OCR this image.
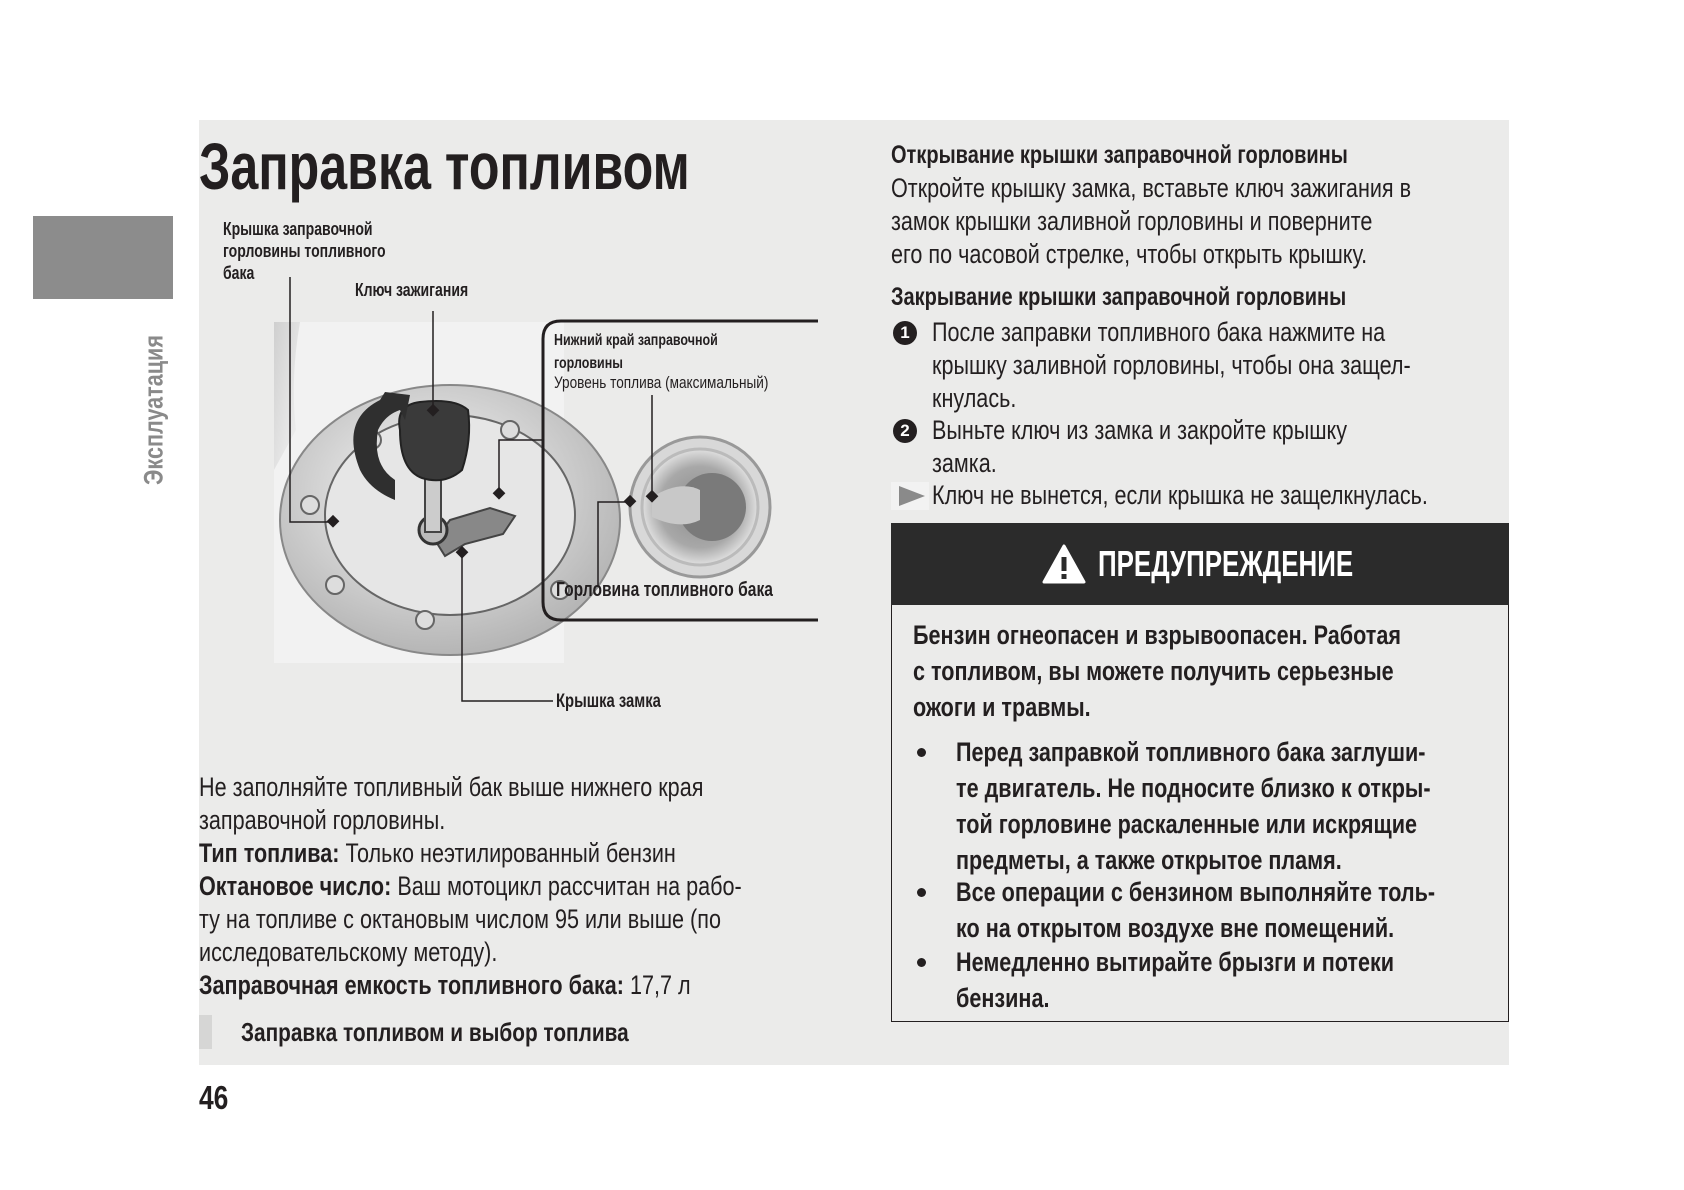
Эксплуатация
Заправка топливом
Крышка заправочной
горловины топливного
бака
Ключ зажигания
Нижний край заправочной
горловины
Уровень топлива (максимальный)
Горловина топливного бака
Крышка замка
Не заполняйте топливный бак выше нижнего края
заправочной горловины.
Тип топлива: Только неэтилированный бензин
Октановое число: Ваш мотоцикл рассчитан на рабо-
ту на топливе с октановым числом 95 или выше (по
исследовательскому методу).
Заправочная емкость топливного бака: 17,7 л
Заправка топливом и выбор топлива
46
Открывание крышки заправочной горловины
Откройте крышку замка, вставьте ключ зажигания в
замок крышки заливной горловины и поверните
его по часовой стрелке, чтобы открыть крышку.
Закрывание крышки заправочной горловины
1 После заправки топливного бака нажмите на
крышку заливной горловины, чтобы она защел-
кнулась.
2 Выньте ключ из замка и закройте крышку
замка.
Ключ не вынется, если крышка не защелкнулась.
ПРЕДУПРЕЖДЕНИЕ
Бензин огнеопасен и взрывоопасен. Работая
с топливом, вы можете получить серьезные
ожоги и травмы.
Перед заправкой топливного бака заглуши-
те двигатель. Не подносите близко к откры-
той горловине раскаленные или искрящие
предметы, а также открытое пламя.
Все операции с бензином выполняйте толь-
ко на открытом воздухе вне помещений.
Немедленно вытирайте брызги и потеки
бензина.
